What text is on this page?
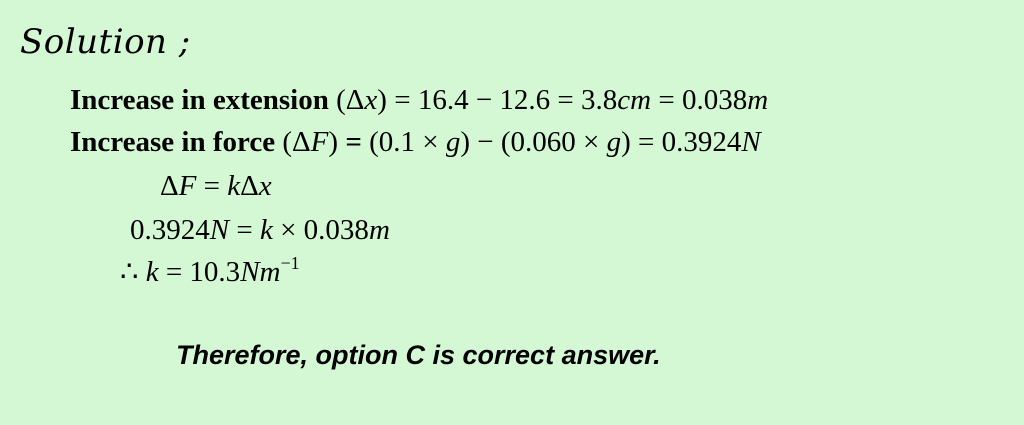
Solution ;
Increase in extension (Δx) = 16.4 − 12.6 = 3.8cm = 0.038m
Increase in force (ΔF) = (0.1 × g) − (0.060 × g) = 0.3924N
ΔF = kΔx
0.3924N = k × 0.038m
∴ $k = 10.3Nm^{-1}$
Therefore, option C is correct answer.
